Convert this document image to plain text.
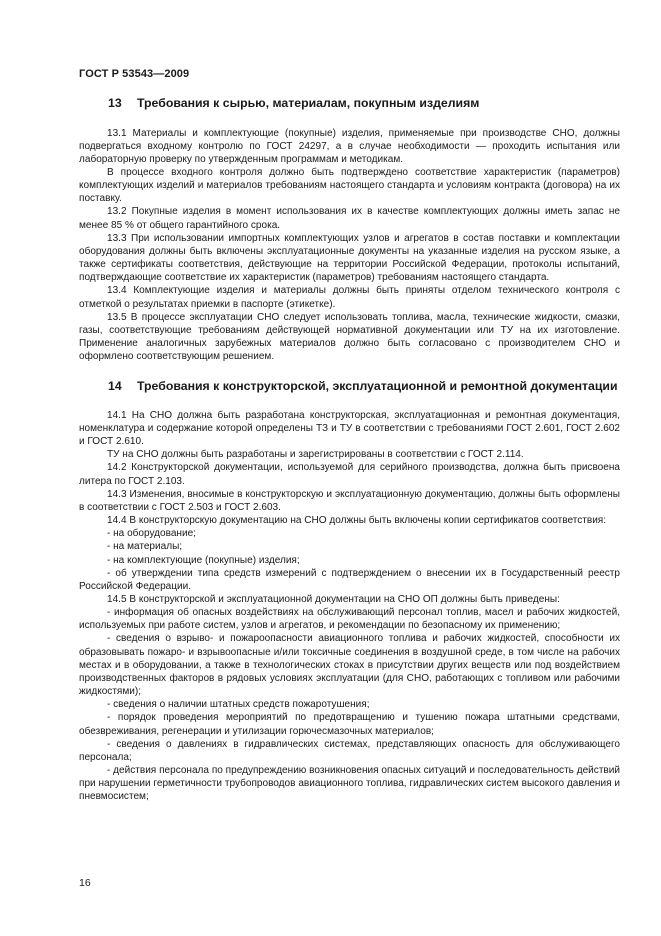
ГОСТ Р 53543—2009
13	Требования к сырью, материалам, покупным изделиям

13.1 Материалы и комплектующие (покупные) изделия, применяемые при производстве СНО, должны подвергаться входному контролю по ГОСТ 24297, а в случае необходимости — проходить испытания или лабораторную проверку по утвержденным программам и методикам.

В процессе входного контроля должно быть подтверждено соответствие характеристик (параметров) комплектующих изделий и материалов требованиям настоящего стандарта и условиям контракта (договора) на их поставку.

13.2 Покупные изделия в момент использования их в качестве комплектующих должны иметь запас не менее 85 % от общего гарантийного срока.

13.3 При использовании импортных комплектующих узлов и агрегатов в состав поставки и комплектации оборудования должны быть включены эксплуатационные документы на указанные изделия на русском языке, а также сертификаты соответствия, действующие на территории Российской Федерации, протоколы испытаний, подтверждающие соответствие их характеристик (параметров) требованиям настоящего стандарта.

13.4 Комплектующие изделия и материалы должны быть приняты отделом технического контроля с отметкой о результатах приемки в паспорте (этикетке).

13.5 В процессе эксплуатации СНО следует использовать топлива, масла, технические жидкости, смазки, газы, соответствующие требованиям действующей нормативной документации или ТУ на их изготовление. Применение аналогичных зарубежных материалов должно быть согласовано с производителем СНО и оформлено соответствующим решением.

14	Требования к конструкторской, эксплуатационной и ремонтной документации

14.1 На СНО должна быть разработана конструкторская, эксплуатационная и ремонтная документация, номенклатура и содержание которой определены ТЗ и ТУ в соответствии с требованиями ГОСТ 2.601, ГОСТ 2.602 и ГОСТ 2.610.

ТУ на СНО должны быть разработаны и зарегистрированы в соответствии с ГОСТ 2.114.

14.2 Конструкторской документации, используемой для серийного производства, должна быть присвоена литера по ГОСТ 2.103.

14.3 Изменения, вносимые в конструкторскую и эксплуатационную документацию, должны быть оформлены в соответствии с ГОСТ 2.503 и ГОСТ 2.603.

14.4 В конструкторскую документацию на СНО должны быть включены копии сертификатов соответствия:

- на оборудование;

- на материалы;

- на комплектующие (покупные) изделия;

- об утверждении типа средств измерений с подтверждением о внесении их в Государственный реестр Российской Федерации.

14.5 В конструкторской и эксплуатационной документации на СНО ОП должны быть приведены:

- информация об опасных воздействиях на обслуживающий персонал топлив, масел и рабочих жидкостей, используемых при работе систем, узлов и агрегатов, и рекомендации по безопасному их применению;

- сведения о взрыво- и пожароопасности авиационного топлива и рабочих жидкостей, способности их образовывать пожаро- и взрывоопасные и/или токсичные соединения в воздушной среде, в том числе на рабочих местах и в оборудовании, а также в технологических стоках в присутствии других веществ или под воздействием производственных факторов в рядовых условиях эксплуатации (для СНО, работающих с топливом или рабочими жидкостями);

- сведения о наличии штатных средств пожаротушения;

- порядок проведения мероприятий по предотвращению и тушению пожара штатными средствами, обезвреживания, регенерации и утилизации горючесмазочных материалов;

- сведения о давлениях в гидравлических системах, представляющих опасность для обслуживающего персонала;

- действия персонала по предупреждению возникновения опасных ситуаций и последовательность действий при нарушении герметичности трубопроводов авиационного топлива, гидравлических систем высокого давления и пневмосистем;

16
